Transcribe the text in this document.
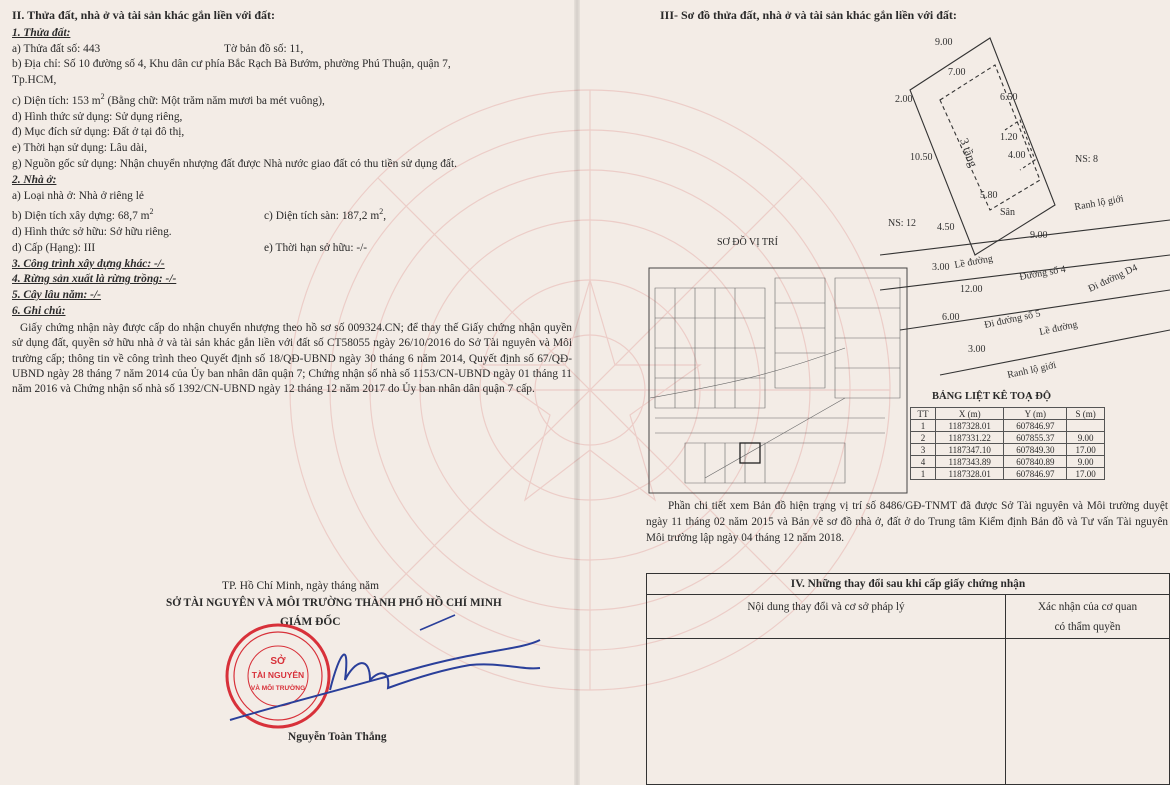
II. Thửa đất, nhà ở và tài sản khác gắn liền với đất:
1. Thửa đất:
a) Thửa đất số: 443	Tờ bản đồ số: 11,
b) Địa chỉ: Số 10 đường số 4, Khu dân cư phía Bắc Rạch Bà Bướm, phường Phú Thuận, quận 7,
Tp.HCM,
c) Diện tích: 153 $m^2$ (Bằng chữ: Một trăm năm mươi ba mét vuông),
d) Hình thức sử dụng: Sử dụng riêng,
đ) Mục đích sử dụng: Đất ở tại đô thị,
e) Thời hạn sử dụng: Lâu dài,
g) Nguồn gốc sử dụng: Nhận chuyển nhượng đất được Nhà nước giao đất có thu tiền sử dụng đất.
2. Nhà ở:
a) Loại nhà ở: Nhà ở riêng lẻ
b) Diện tích xây dựng: 68,7 $m^2$	c) Diện tích sàn: 187,2 $m^2$,
d) Hình thức sở hữu: Sở hữu riêng.
d) Cấp (Hạng): III	e) Thời hạn sở hữu: -/-
3. Công trình xây dựng khác: -/-
4. Rừng sản xuất là rừng trồng: -/-
5. Cây lâu năm: -/-
6. Ghi chú:
Giấy chứng nhận này được cấp do nhận chuyển nhượng theo hồ sơ số 009324.CN; để thay thế Giấy chứng nhận quyền sử dụng đất, quyền sở hữu nhà ở và tài sản khác gắn liền với đất số CT58055 ngày 26/10/2016 do Sở Tài nguyên và Môi trường cấp; thông tin về công trình theo Quyết định số 18/QĐ-UBND ngày 30 tháng 6 năm 2014, Quyết định số 67/QĐ-UBND ngày 28 tháng 7 năm 2014 của Ủy ban nhân dân quận 7; Chứng nhận số nhà số 1153/CN-UBND ngày 01 tháng 11 năm 2016 và Chứng nhận số nhà số 1392/CN-UBND ngày 12 tháng 12 năm 2017 do Ủy ban nhân dân quận 7 cấp.
TP. Hồ Chí Minh, ngày tháng năm
SỞ TÀI NGUYÊN VÀ MÔI TRƯỜNG THÀNH PHỐ HỒ CHÍ MINH
GIÁM ĐỐC
SỞ
TÀI NGUYÊN
VÀ MÔI TRƯỜNG
Nguyễn Toàn Thắng
III- Sơ đồ thửa đất, nhà ở và tài sản khác gắn liền với đất:
SƠ ĐỒ VỊ TRÍ
9.00
7.00
2.00	6.50
10.50
1.20
4.00
5.80
4.50
9.00
3.00
12.00
6.00
3.00
3 tầng
Sân
NS: 8
NS: 12
Ranh lộ giới
Lề đường
Đường số 4 Đi đường D4
Đi đường số 5
Lề đường
Ranh lộ giới
BẢNG LIỆT KÊ TOẠ ĐỘ
TT	X (m)	Y (m)	S (m)
1	1187328.01	607846.97	
2	1187331.22	607855.37	9.00
3	1187347.10	607849.30	17.00
4	1187343.89	607840.89	9.00
1	1187328.01	607846.97	17.00
Phần chi tiết xem Bản đồ hiện trạng vị trí số 8486/GĐ-TNMT đã được Sở Tài nguyên và Môi trường duyệt ngày 11 tháng 02 năm 2015 và Bản vẽ sơ đồ nhà ở, đất ở do Trung tâm Kiểm định Bản đồ và Tư vấn Tài nguyên Môi trường lập ngày 04 tháng 12 năm 2018.
IV. Những thay đổi sau khi cấp giấy chứng nhận
Nội dung thay đổi và cơ sở pháp lý	Xác nhận của cơ quan
có thẩm quyền
